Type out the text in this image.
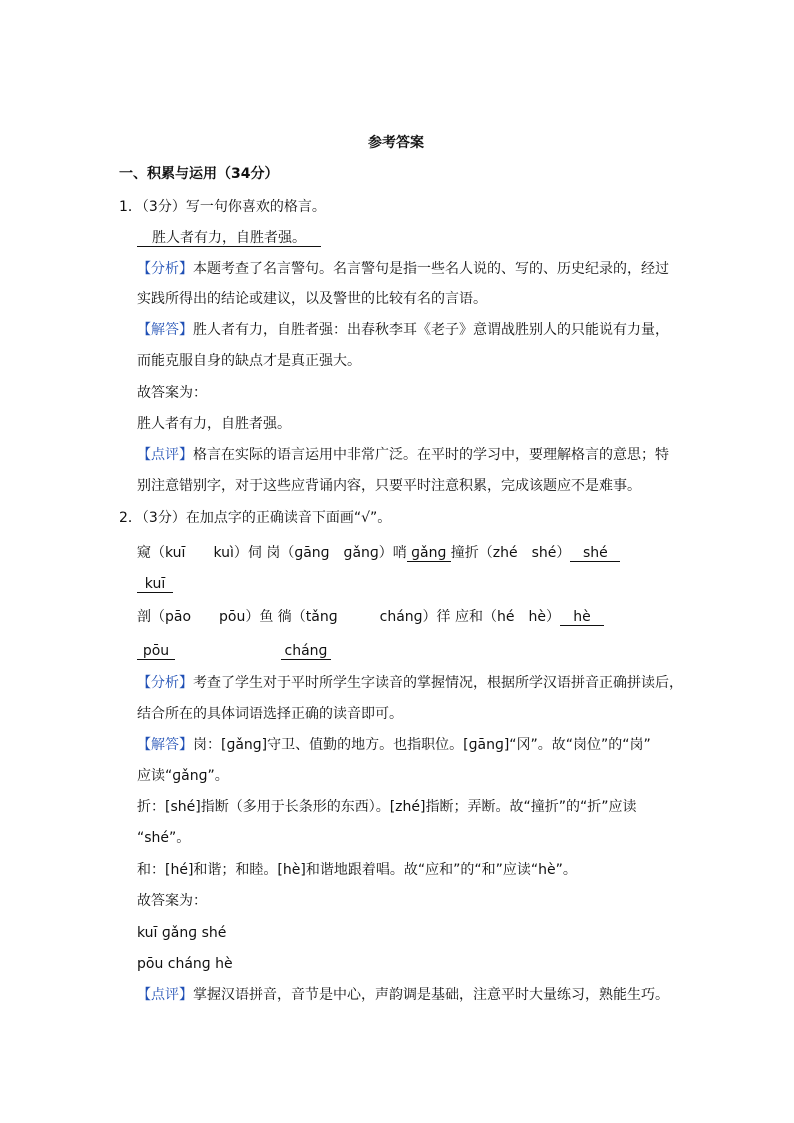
参考答案
一、积累与运用（34分）
1．（3分）写一句你喜欢的格言。
胜人者有力，自胜者强。
【分析】本题考查了名言警句。名言警句是指一些名人说的、写的、历史纪录的，经过
实践所得出的结论或建议，以及警世的比较有名的言语。
【解答】胜人者有力，自胜者强：出春秋李耳《老子》意谓战胜别人的只能说有力量，
而能克服自身的缺点才是真正强大。
故答案为：
胜人者有力，自胜者强。
【点评】格言在实际的语言运用中非常广泛。在平时的学习中，要理解格言的意思；特
别注意错别字，对于这些应背诵内容，只要平时注意积累，完成该题应不是难事。
2．（3分）在加点字的正确读音下面画“√”。
窥（kuī　　kuì）伺 岗（ɡānɡ　ɡǎnɡ）哨 ɡǎnɡ 撞折（zhé　shé） shé
kuī
剖（pāo　　pōu）鱼 徜（tǎnɡ　　　chánɡ）徉 应和（hé　hè） hè
pōu	chánɡ
【分析】考查了学生对于平时所学生字读音的掌握情况，根据所学汉语拼音正确拼读后，
结合所在的具体词语选择正确的读音即可。
【解答】岗：[ɡǎnɡ]守卫、值勤的地方。也指职位。[ɡānɡ]“冈”。故“岗位”的“岗”
应读“ɡǎnɡ”。
折：[shé]指断（多用于长条形的东西）。[zhé]指断；弄断。故“撞折”的“折”应读
“shé”。
和：[hé]和谐；和睦。[hè]和谐地跟着唱。故“应和”的“和”应读“hè”。
故答案为：
kuī ɡǎnɡ shé
pōu chánɡ hè
【点评】掌握汉语拼音，音节是中心，声韵调是基础，注意平时大量练习，熟能生巧。
